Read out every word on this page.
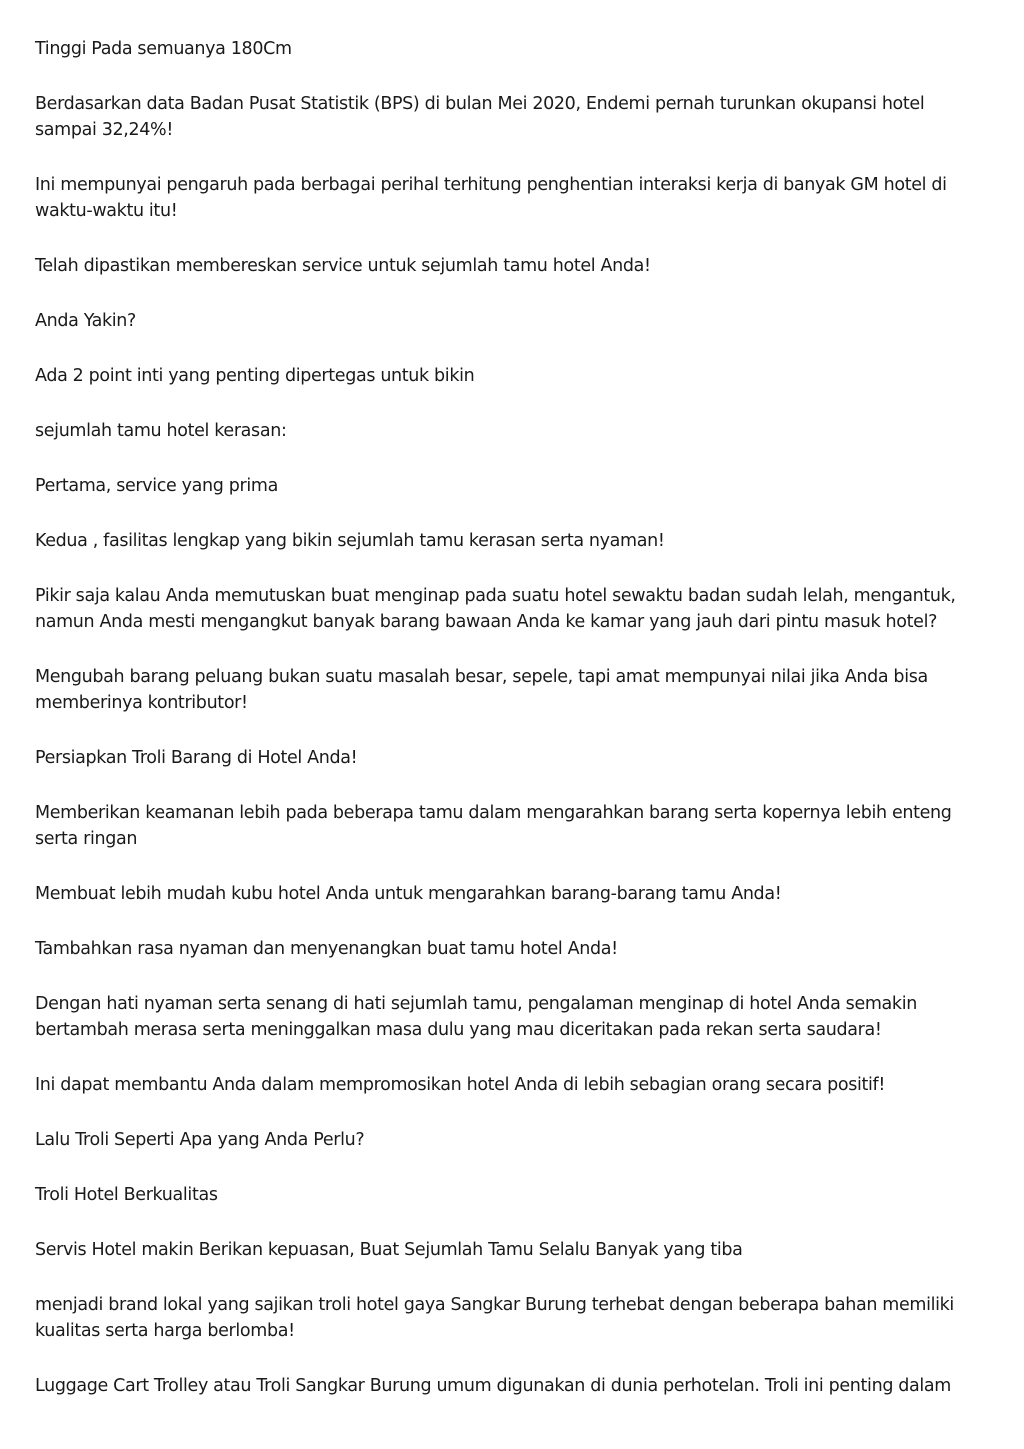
Tinggi Pada semuanya 180Cm

Berdasarkan data Badan Pusat Statistik (BPS) di bulan Mei 2020, Endemi pernah turunkan okupansi hotel sampai 32,24%!

Ini mempunyai pengaruh pada berbagai perihal terhitung penghentian interaksi kerja di banyak GM hotel di waktu-waktu itu!

Telah dipastikan membereskan service untuk sejumlah tamu hotel Anda!

Anda Yakin?

Ada 2 point inti yang penting dipertegas untuk bikin

sejumlah tamu hotel kerasan:

Pertama, service yang prima

Kedua , fasilitas lengkap yang bikin sejumlah tamu kerasan serta nyaman!

Pikir saja kalau Anda memutuskan buat menginap pada suatu hotel sewaktu badan sudah lelah, mengantuk, namun Anda mesti mengangkut banyak barang bawaan Anda ke kamar yang jauh dari pintu masuk hotel?

Mengubah barang peluang bukan suatu masalah besar, sepele, tapi amat mempunyai nilai jika Anda bisa memberinya kontributor!

Persiapkan Troli Barang di Hotel Anda!

Memberikan keamanan lebih pada beberapa tamu dalam mengarahkan barang serta kopernya lebih enteng serta ringan

Membuat lebih mudah kubu hotel Anda untuk mengarahkan barang-barang tamu Anda!

Tambahkan rasa nyaman dan menyenangkan buat tamu hotel Anda!

Dengan hati nyaman serta senang di hati sejumlah tamu, pengalaman menginap di hotel Anda semakin bertambah merasa serta meninggalkan masa dulu yang mau diceritakan pada rekan serta saudara!

Ini dapat membantu Anda dalam mempromosikan hotel Anda di lebih sebagian orang secara positif!

Lalu Troli Seperti Apa yang Anda Perlu?

Troli Hotel Berkualitas

Servis Hotel makin Berikan kepuasan, Buat Sejumlah Tamu Selalu Banyak yang tiba

menjadi brand lokal yang sajikan troli hotel gaya Sangkar Burung terhebat dengan beberapa bahan memiliki kualitas serta harga berlomba!

Luggage Cart Trolley atau Troli Sangkar Burung umum digunakan di dunia perhotelan. Troli ini penting dalam
